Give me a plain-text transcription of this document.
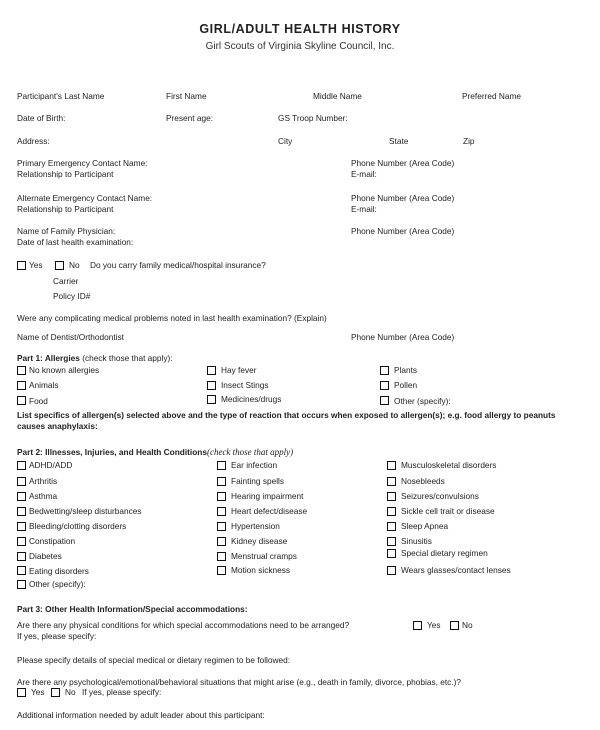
GIRL/ADULT HEALTH HISTORY
Girl Scouts of Virginia Skyline Council, Inc.
Participant's Last Name	First Name	Middle Name	Preferred Name
Date of Birth:	Present age:	GS Troop Number:
Address:	City	State	Zip
Primary Emergency Contact Name:
Relationship to Participant
Phone Number (Area Code)
E-mail:
Alternate Emergency Contact Name:
Relationship to Participant
Phone Number (Area Code)
E-mail:
Name of Family Physician:
Date of last health examination:
Phone Number (Area Code)
Yes	No Do you carry family medical/hospital insurance?
Carrier
Policy ID#
Were any complicating medical problems noted in last health examination? (Explain)
Name of Dentist/Orthodontist	Phone Number (Area Code)
Part 1: Allergies (check those that apply):
No known allergies
Animals
Food
Hay fever
Insect Stings
Medicines/drugs
Plants
Pollen
Other (specify):
List specifics of allergen(s) selected above and the type of reaction that occurs when exposed to allergen(s); e.g. food allergy to peanuts causes anaphylaxis:
Part 2: Illnesses, Injuries, and Health Conditions(check those that apply)
ADHD/ADD
Arthritis
Asthma
Bedwetting/sleep disturbances
Bleeding/clotting disorders
Constipation
Diabetes
Eating disorders
Other (specify):
Ear infection
Fainting spells
Hearing impairment
Heart defect/disease
Hypertension
Kidney disease
Menstrual cramps
Motion sickness
Musculoskeletal disorders
Nosebleeds
Seizures/convulsions
Sickle cell trait or disease
Sleep Apnea
Sinusitis
Special dietary regimen
Wears glasses/contact lenses
Part 3: Other Health Information/Special accommodations:
Are there any physical conditions for which special accommodations need to be arranged?	Yes	No
If yes, please specify:
Please specify details of special medical or dietary regimen to be followed:
Are there any psychological/emotional/behavioral situations that might arise (e.g., death in family, divorce, phobias, etc.)?
Yes No If yes, please specify:
Additional information needed by adult leader about this participant:
